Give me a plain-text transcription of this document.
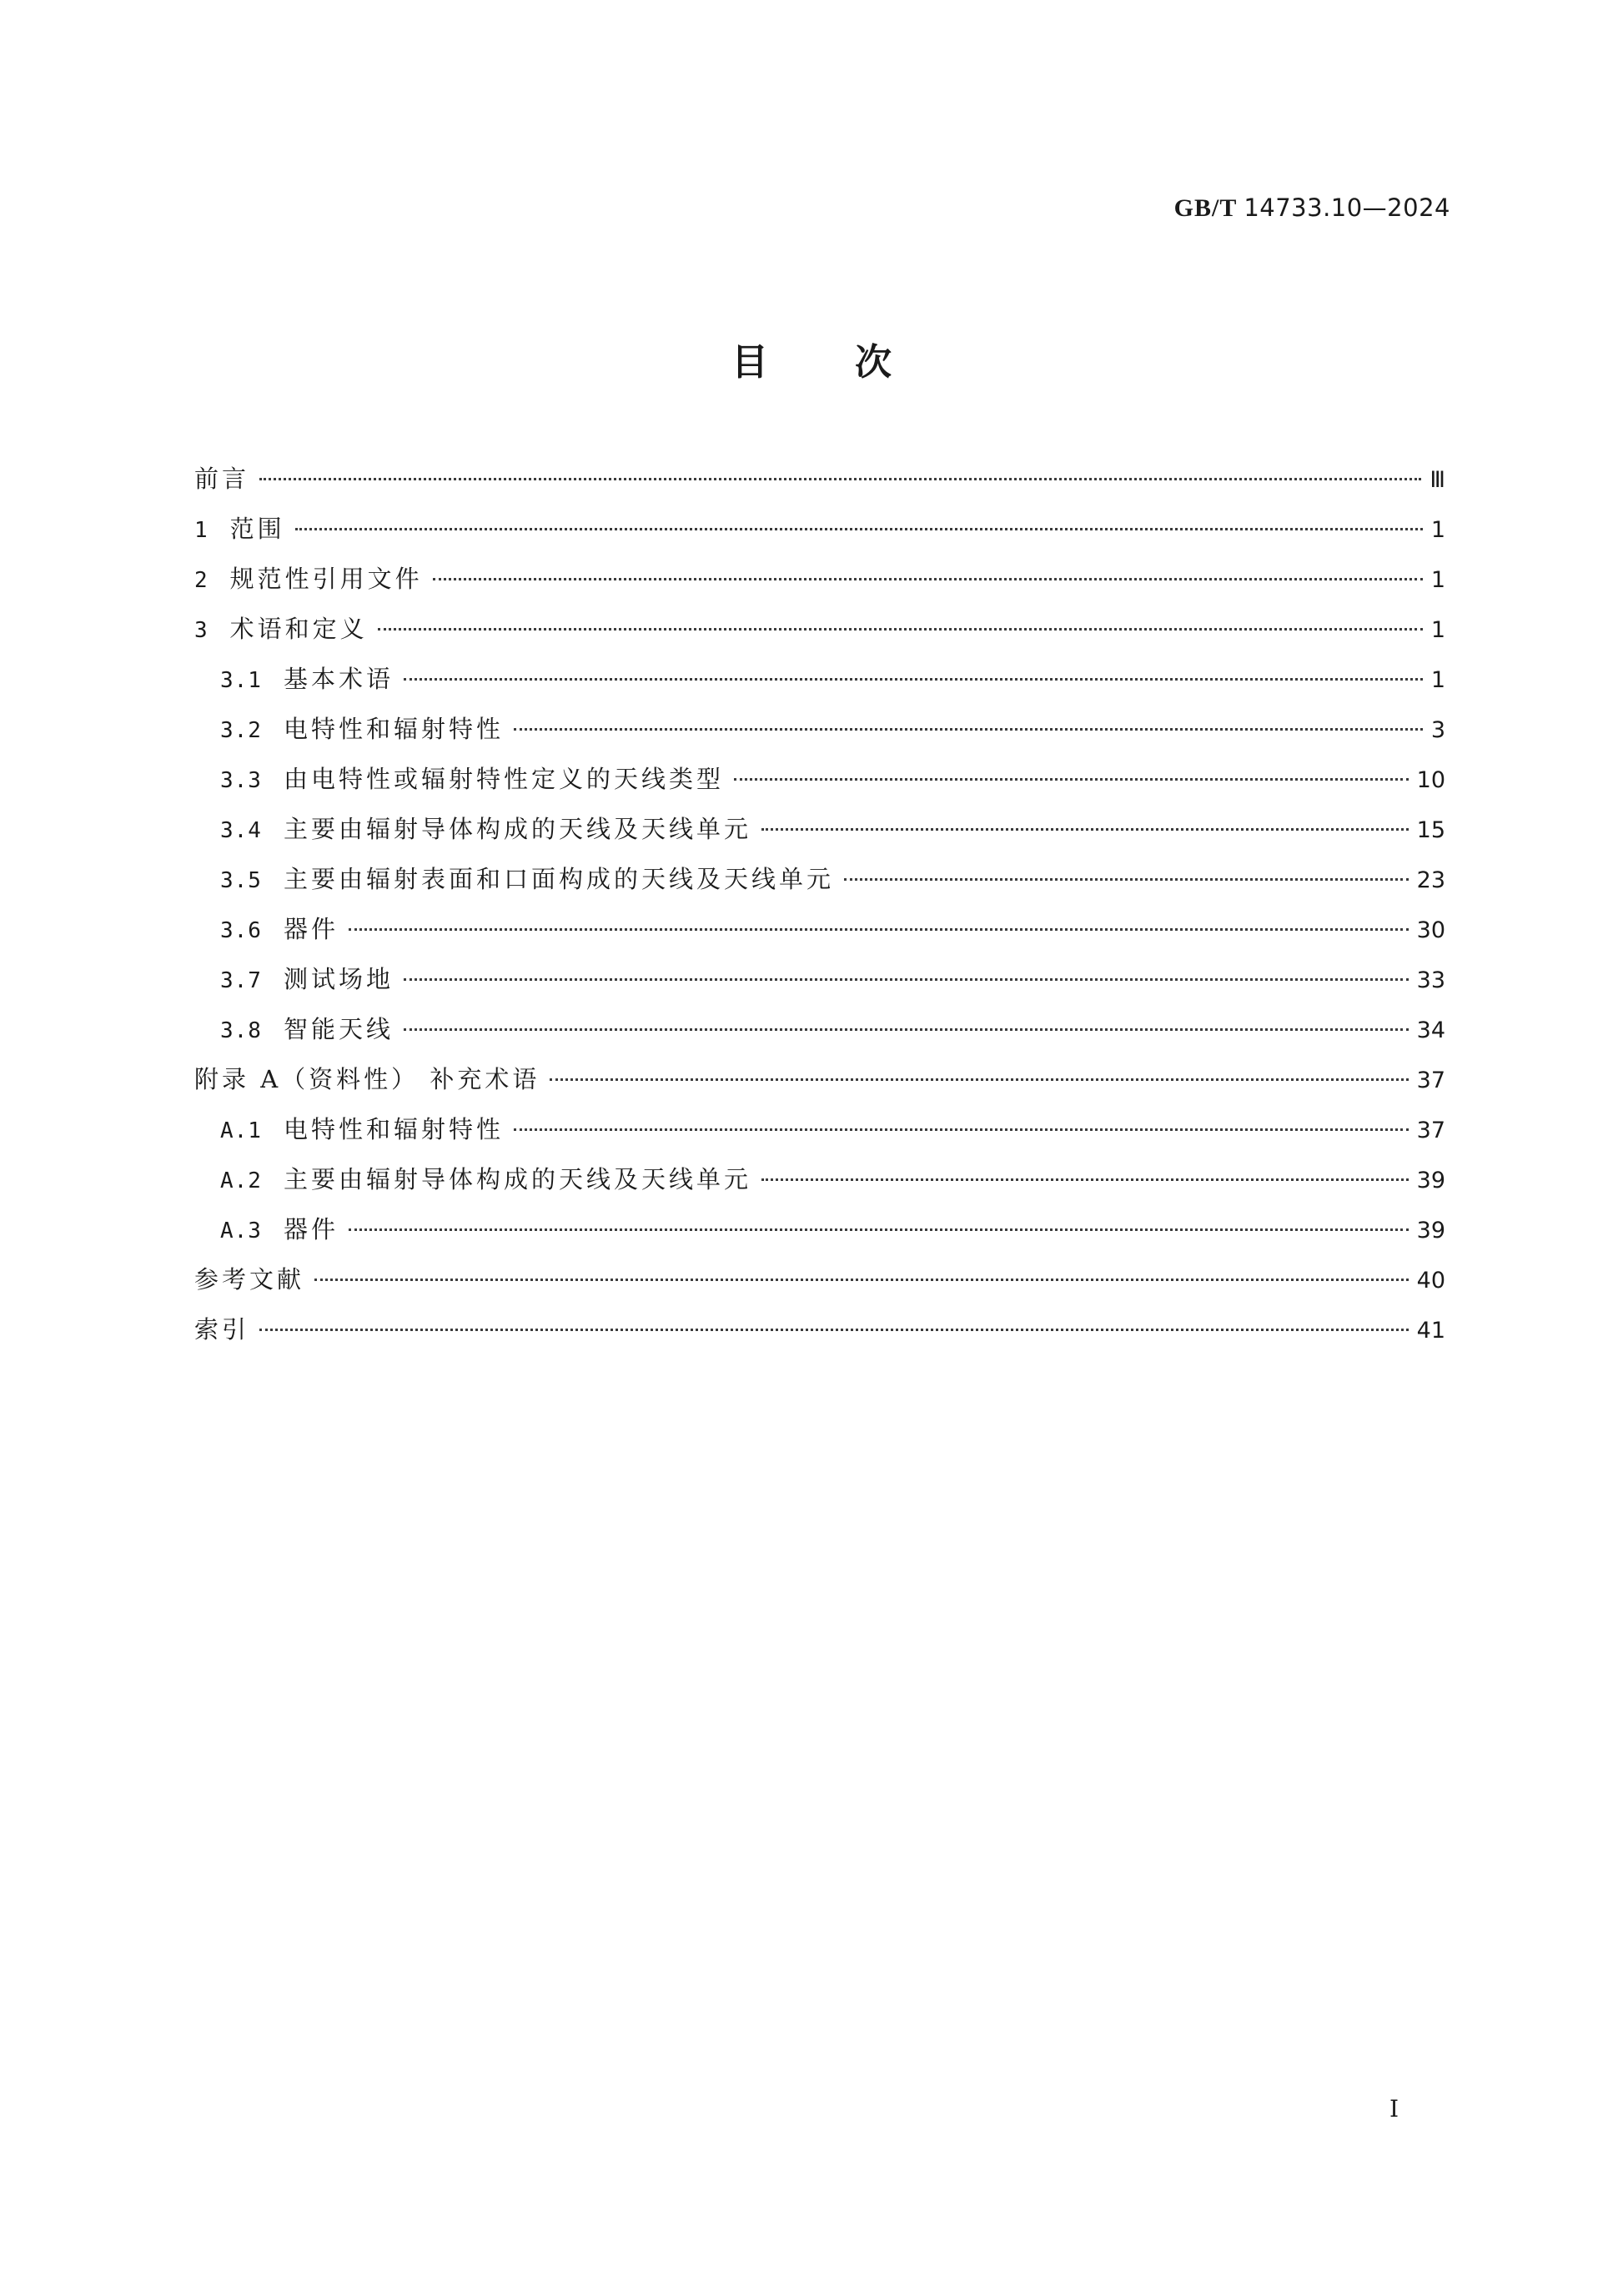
GB/T 14733.10—2024
目 次
前言	Ⅲ
1 范围	1
2 规范性引用文件	1
3 术语和定义	1
3.1 基本术语	1
3.2 电特性和辐射特性	3
3.3 由电特性或辐射特性定义的天线类型	10
3.4 主要由辐射导体构成的天线及天线单元	15
3.5 主要由辐射表面和口面构成的天线及天线单元	23
3.6 器件	30
3.7 测试场地	33
3.8 智能天线	34
附录 A（资料性） 补充术语	37
A.1 电特性和辐射特性	37
A.2 主要由辐射导体构成的天线及天线单元	39
A.3 器件	39
参考文献	40
索引	41
Ⅰ
